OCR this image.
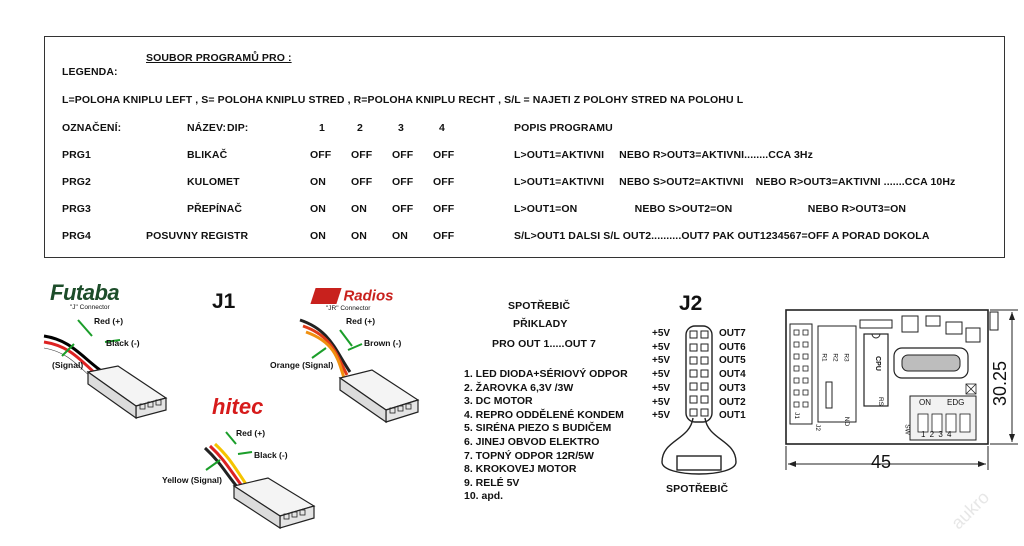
SOUBOR PROGRAMŮ PRO :
LEGENDA:
L=POLOHA KNIPLU LEFT , S= POLOHA KNIPLU STRED , R=POLOHA KNIPLU RECHT , S/L = NAJETI Z POLOHY STRED NA POLOHU L
OZNAČENÍ:	NÁZEV: DIP:	1	2	3	4	POPIS PROGRAMU
PRG1	BLIKAČ	OFF OFF OFF OFF	L>OUT1=AKTIVNI     NEBO R>OUT3=AKTIVNI........CCA 3Hz
PRG2	KULOMET	ON OFF OFF OFF	L>OUT1=AKTIVNI     NEBO S>OUT2=AKTIVNI    NEBO R>OUT3=AKTIVNI .......CCA 10Hz
PRG3	PŘEPÍNAČ	ON ON OFF OFF	L>OUT1=ON                   NEBO S>OUT2=ON                         NEBO R>OUT3=ON
PRG4	POSUVNY REGISTR	ON ON ON OFF	S/L>OUT1 DALSI S/L OUT2..........OUT7 PAK OUT1234567=OFF A PORAD DOKOLA
J1
Futaba
"J" Connector
Red (+)
Black (-)
(Signal)
Radios
"JR" Connector
Red (+)
Brown (-)
Orange (Signal)
hitec
Red (+)
Black (-)
Yellow (Signal)
SPOTŘEBIČ
PŘIKLADY
PRO OUT 1.....OUT 7
1. LED DIODA+SÉRIOVÝ ODPOR
2. ŽAROVKA 6,3V /3W
3. DC MOTOR
4. REPRO ODDĚLENÉ KONDEM
5. SIRÉNA PIEZO S BUDIČEM
6. JINEJ OBVOD ELEKTRO
7. TOPNÝ ODPOR 12R/5W
8. KROKOVEJ MOTOR
9. RELÉ 5V
10. apd.
J2
+5V
+5V
+5V
+5V
+5V
+5V
+5V
OUT7
OUT6
OUT5
OUT4
OUT3
OUT2
OUT1
SPOTŘEBIČ
CPU
R3
R2
R1
RS	ON EDG
1 2 3 4
J1
J2
ND
SW
45
30.25
aukro
